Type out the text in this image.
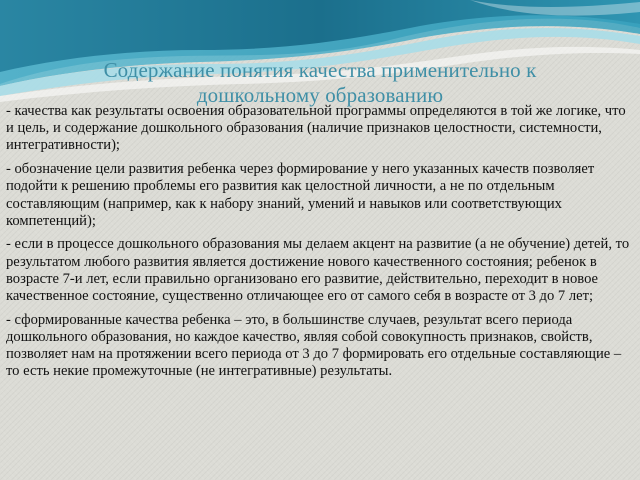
Содержание понятия качества применительно к дошкольному образованию

- качества как результаты освоения образовательной программы определяются в той же логике, что и цель, и содержание дошкольного образования (наличие признаков целостности, системности, интегративности);

- обозначение цели развития ребенка через формирование у него указанных качеств позволяет подойти к решению проблемы его развития как целостной личности, а не по отдельным составляющим (например, как к набору знаний, умений и навыков или соответствующих компетенций);

- если в процессе дошкольного образования мы делаем акцент на развитие (а не обучение) детей, то результатом любого развития является достижение нового качественного состояния; ребенок в возрасте 7-и лет, если правильно организовано его развитие, действительно, переходит в новое качественное состояние, существенно отличающее его от самого себя в возрасте от 3 до 7 лет;

- сформированные качества ребенка – это, в большинстве случаев, результат всего периода дошкольного образования, но каждое качество, являя собой совокупность признаков, свойств, позволяет нам на протяжении всего периода от 3 до 7 формировать его отдельные составляющие – то есть некие промежуточные (не интегративные) результаты.
